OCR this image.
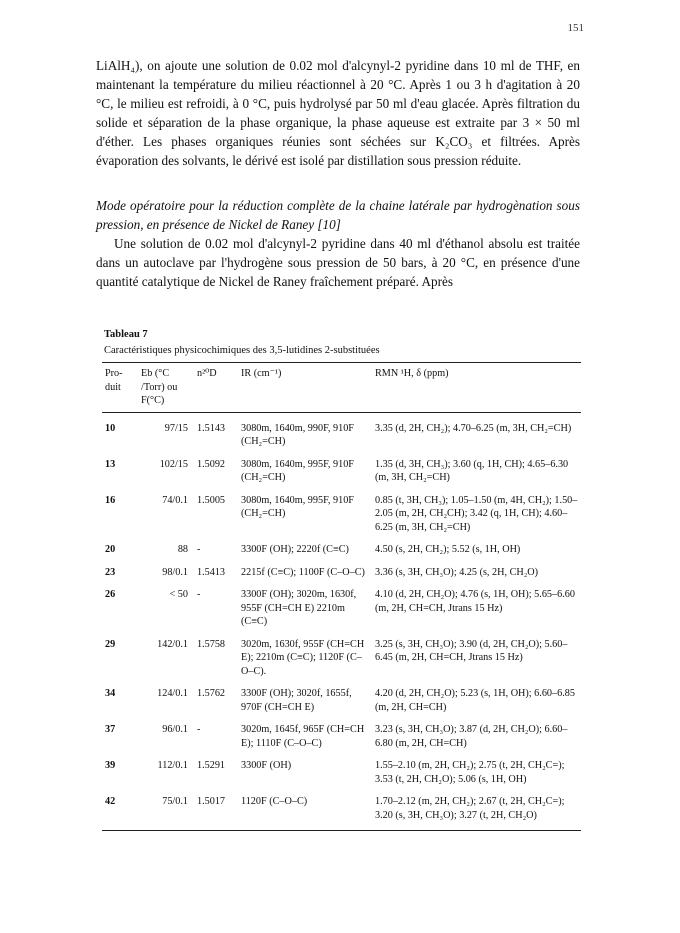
151

LiAlH₄), on ajoute une solution de 0.02 mol d'alcynyl-2 pyridine dans 10 ml de THF, en maintenant la température du milieu réactionnel à 20 °C. Après 1 ou 3 h d'agitation à 20 °C, le milieu est refroidi, à 0 °C, puis hydrolysé par 50 ml d'eau glacée. Après filtration du solide et séparation de la phase organique, la phase aqueuse est extraite par 3 × 50 ml d'éther. Les phases organiques réunies sont séchées sur K₂CO₃ et filtrées. Après évaporation des solvants, le dérivé est isolé par distillation sous pression réduite.

Mode opératoire pour la réduction complète de la chaine latérale par hydrogènation sous pression, en présence de Nickel de Raney [10]

Une solution de 0.02 mol d'alcynyl-2 pyridine dans 40 ml d'éthanol absolu est traitée dans un autoclave par l'hydrogène sous pression de 50 bars, à 20 °C, en présence d'une quantité catalytique de Nickel de Raney fraîchement préparé. Après

Tableau 7
Caractéristiques physicochimiques des 3,5-lutidines 2-substituées
Pro- duit	Eb (°C /Torr) ou F(°C)	n²⁰D	IR (cm⁻¹)	RMN ¹H, δ (ppm)
10	97/15	1.5143	3080m, 1640m, 990F, 910F (CH₂=CH)	3.35 (d, 2H, CH₂); 4.70–6.25 (m, 3H, CH₂=CH)
13	102/15	1.5092	3080m, 1640m, 995F, 910F (CH₂=CH)	1.35 (d, 3H, CH₃); 3.60 (q, 1H, CH); 4.65–6.30 (m, 3H, CH₂=CH)
16	74/0.1	1.5005	3080m, 1640m, 995F, 910F (CH₂=CH)	0.85 (t, 3H, CH₃); 1.05–1.50 (m, 4H, CH₂); 1.50–2.05 (m, 2H, CH₂CH); 3.42 (q, 1H, CH); 4.60–6.25 (m, 3H, CH₂=CH)
20	88	-	3300F (OH); 2220f (C≡C)	4.50 (s, 2H, CH₂); 5.52 (s, 1H, OH)
23	98/0.1	1.5413	2215f (C≡C); 1100F (C–O–C)	3.36 (s, 3H, CH₃O); 4.25 (s, 2H, CH₂O)
26	< 50	-	3300F (OH); 3020m, 1630f, 955F (CH=CH E) 2210m (C≡C)	4.10 (d, 2H, CH₂O); 4.76 (s, 1H, OH); 5.65–6.60 (m, 2H, CH=CH, Jtrans 15 Hz)
29	142/0.1	1.5758	3020m, 1630f, 955F (CH=CH E); 2210m (C≡C); 1120F (C–O–C).	3.25 (s, 3H, CH₃O); 3.90 (d, 2H, CH₂O); 5.60–6.45 (m, 2H, CH=CH, Jtrans 15 Hz)
34	124/0.1	1.5762	3300F (OH); 3020f, 1655f, 970F (CH=CH E)	4.20 (d, 2H, CH₂O); 5.23 (s, 1H, OH); 6.60–6.85 (m, 2H, CH=CH)
37	96/0.1	-	3020m, 1645f, 965F (CH=CH E); 1110F (C–O–C)	3.23 (s, 3H, CH₃O); 3.87 (d, 2H, CH₂O); 6.60–6.80 (m, 2H, CH=CH)
39	112/0.1	1.5291	3300F (OH)	1.55–2.10 (m, 2H, CH₂); 2.75 (t, 2H, CH₂C=); 3.53 (t, 2H, CH₂O); 5.06 (s, 1H, OH)
42	75/0.1	1.5017	1120F (C–O–C)	1.70–2.12 (m, 2H, CH₂); 2.67 (t, 2H, CH₂C=); 3.20 (s, 3H, CH₃O); 3.27 (t, 2H, CH₂O)
